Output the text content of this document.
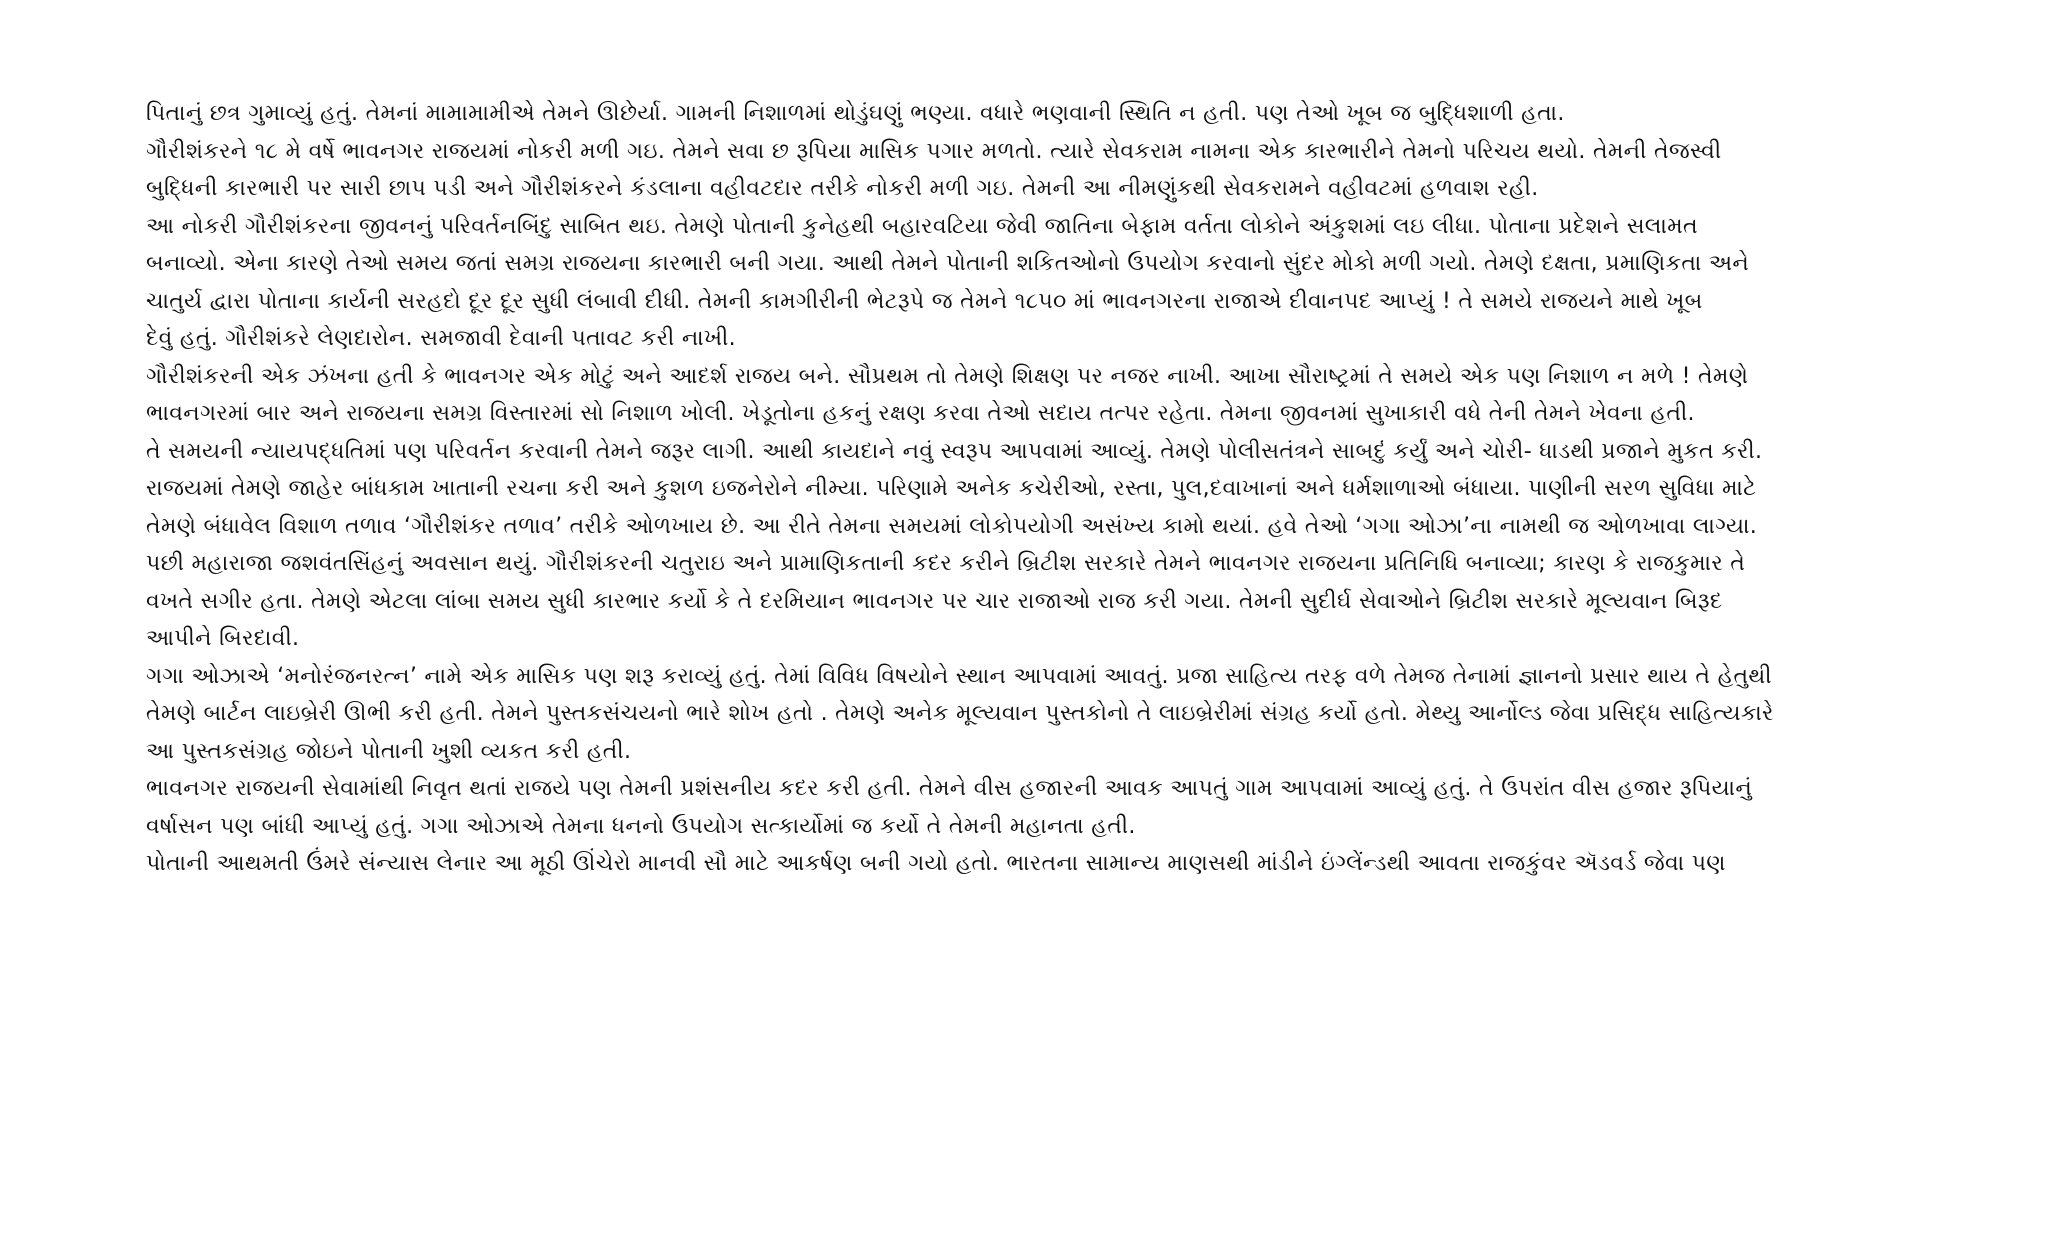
પિતાનું છત્ર ગુમાવ્યું હતું. તેમનાં મામામામીએ તેમને ઊછેર્યા. ગામની નિશાળમાં થોડુંઘણું ભણ્યા. વધારે ભણવાની સ્થિતિ ન હતી. પણ તેઓ ખૂબ જ બુદ્ધિશાળી હતા.
ગૌરીશંકરને ૧૮ મે વર્ષે ભાવનગર રાજયમાં નોકરી મળી ગઇ. તેમને સવા છ રૂપિયા માસિક પગાર મળતો. ત્યારે સેવકરામ નામના એક કારભારીને તેમનો પરિચય થયો. તેમની તેજસ્વી
બુદ્ધિની કારભારી પર સારી છાપ પડી અને ગૌરીશંકરને કંડલાના વહીવટદાર તરીકે નોકરી મળી ગઇ. તેમની આ નીમણુંકથી સેવકરામને વહીવટમાં હળવાશ રહી.
આ નોકરી ગૌરીશંકરના જીવનનું પરિવર્તનબિંદુ સાબિત થઇ. તેમણે પોતાની કુનેહથી બહારવટિયા જેવી જાતિના બેફામ વર્તતા લોકોને અંકુશમાં લઇ લીધા. પોતાના પ્રદેશને સલામત
બનાવ્યો. એના કારણે તેઓ સમય જતાં સમગ્ર રાજયના કારભારી બની ગયા. આથી તેમને પોતાની શકિતઓનો ઉપયોગ કરવાનો સુંદર મોકો મળી ગયો. તેમણે દક્ષતા, પ્રમાણિકતા અને
ચાતુર્ય દ્વારા પોતાના કાર્યની સરહદો દૂર દૂર સુધી લંબાવી દીધી. તેમની કામગીરીની ભેટરૂપે જ તેમને ૧૮૫૦ માં ભાવનગરના રાજાએ દીવાનપદ આપ્યું ! તે સમયે રાજયને માથે ખૂબ
દેવું હતું. ગૌરીશંકરે લેણદારોન. સમજાવી દેવાની પતાવટ કરી નાખી.
ગૌરીશંકરની એક ઝંખના હતી કે ભાવનગર એક મોટું અને આદર્શ રાજય બને. સૌપ્રથમ તો તેમણે શિક્ષણ પર નજર નાખી. આખા સૌરાષ્ટ્રમાં તે સમયે એક પણ નિશાળ ન મળે ! તેમણે
ભાવનગરમાં બાર અને રાજયના સમગ્ર વિસ્તારમાં સો નિશાળ ખોલી. ખેડૂતોના હકનું રક્ષણ કરવા તેઓ સદાય તત્પર રહેતા. તેમના જીવનમાં સુખાકારી વધે તેની તેમને ખેવના હતી.
તે સમયની ન્યાયપદ્ધતિમાં પણ પરિવર્તન કરવાની તેમને જરૂર લાગી. આથી કાયદાને નવું સ્વરૂપ આપવામાં આવ્યું. તેમણે પોલીસતંત્રને સાબદું કર્યું અને ચોરી- ધાડથી પ્રજાને મુકત કરી.
રાજયમાં તેમણે જાહેર બાંધકામ ખાતાની રચના કરી અને કુશળ ઇજનેરોને નીમ્યા. પરિણામે અનેક કચેરીઓ, રસ્તા, પુલ,દવાખાનાં અને ધર્મશાળાઓ બંધાયા. પાણીની સરળ સુવિધા માટે
તેમણે બંધાવેલ વિશાળ તળાવ ‘ગૌરીશંકર તળાવ’ તરીકે ઓળખાય છે. આ રીતે તેમના સમયમાં લોકોપયોગી અસંખ્ય કામો થયાં. હવે તેઓ ‘ગગા ઓઝા’ના નામથી જ ઓળખાવા લાગ્યા.
પછી મહારાજા જશવંતસિંહનું અવસાન થયું. ગૌરીશંકરની ચતુરાઇ અને પ્રામાણિકતાની કદર કરીને બ્રિટીશ સરકારે તેમને ભાવનગર રાજયના પ્રતિનિધિ બનાવ્યા; કારણ કે રાજકુમાર તે
વખતે સગીર હતા. તેમણે એટલા લાંબા સમય સુધી કારભાર કર્યો કે તે દરમિયાન ભાવનગર પર ચાર રાજાઓ રાજ કરી ગયા. તેમની સુદીર્ઘ સેવાઓને બ્રિટીશ સરકારે મૂલ્યવાન બિરૂદ
આપીને બિરદાવી.
ગગા ઓઝાએ ‘મનોરંજનરત્ન’ નામે એક માસિક પણ શરૂ કરાવ્યું હતું. તેમાં વિવિધ વિષયોને સ્થાન આપવામાં આવતું. પ્રજા સાહિત્ય તરફ વળે તેમજ તેનામાં જ્ઞાનનો પ્રસાર થાય તે હેતુથી
તેમણે બાર્ટન લાઇબ્રેરી ઊભી કરી હતી. તેમને પુસ્તકસંચયનો ભારે શોખ હતો . તેમણે અનેક મૂલ્યવાન પુસ્તકોનો તે લાઇબ્રેરીમાં સંગ્રહ કર્યો હતો. મેથ્યુ આર્નોલ્ડ જેવા પ્રસિદ્ધ સાહિત્યકારે
આ પુસ્તકસંગ્રહ જોઇને પોતાની ખુશી વ્યકત કરી હતી.
ભાવનગર રાજયની સેવામાંથી નિવૃત થતાં રાજયે પણ તેમની પ્રશંસનીય કદર કરી હતી. તેમને વીસ હજારની આવક આપતું ગામ આપવામાં આવ્યું હતું. તે ઉપરાંત વીસ હજાર રૂપિયાનું
વર્ષાસન પણ બાંધી આપ્યું હતું. ગગા ઓઝાએ તેમના ધનનો ઉપયોગ સત્કાર્યોમાં જ કર્યો તે તેમની મહાનતા હતી.
પોતાની આથમતી ઉંમરે સંન્યાસ લેનાર આ મૂઠી ઊંચેરો માનવી સૌ માટે આકર્ષણ બની ગયો હતો. ભારતના સામાન્ય માણસથી માંડીને ઇંગ્લેંન્ડથી આવતા રાજકુંવર ઍડવર્ડ જેવા પણ
